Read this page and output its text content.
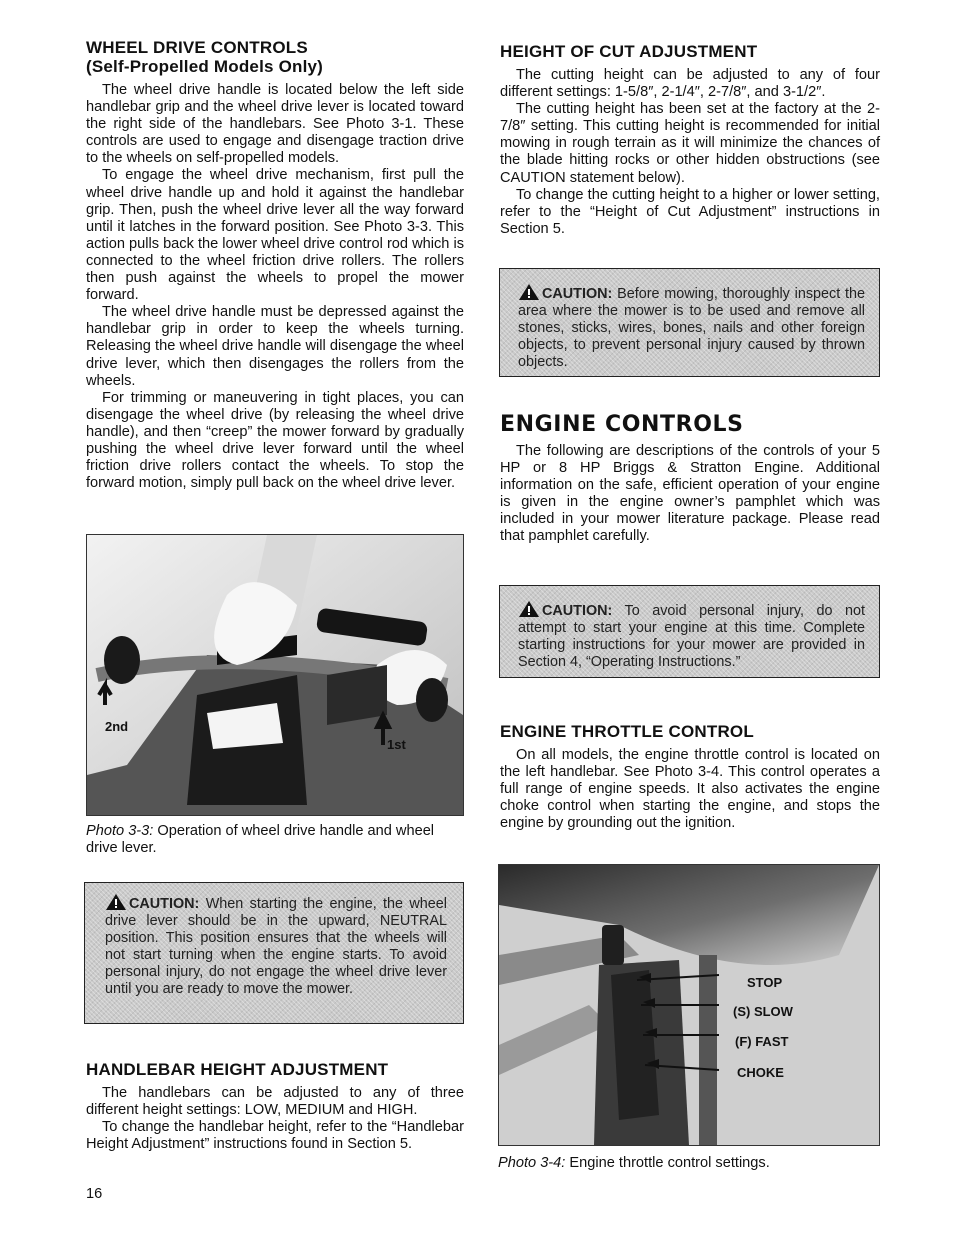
WHEEL DRIVE CONTROLS
(Self-Propelled Models Only)

The wheel drive handle is located below the left side handlebar grip and the wheel drive lever is located toward the right side of the handlebars. See Photo 3-1. These controls are used to engage and disengage traction drive to the wheels on self-propelled models.

To engage the wheel drive mechanism, first pull the wheel drive handle up and hold it against the handlebar grip. Then, push the wheel drive lever all the way forward until it latches in the forward position. See Photo 3-3. This action pulls back the lower wheel drive control rod which is connected to the wheel friction drive rollers. The rollers then push against the wheels to propel the mower forward.

The wheel drive handle must be depressed against the handlebar grip in order to keep the wheels turning. Releasing the wheel drive handle will disengage the wheel drive lever, which then disengages the rollers from the wheels.

For trimming or maneuvering in tight places, you can disengage the wheel drive (by releasing the wheel drive handle), and then “creep” the mower forward by gradually pushing the wheel drive lever forward until the wheel friction drive rollers contact the wheels. To stop the forward motion, simply pull back on the wheel drive lever.

2nd
1st
Photo 3-3: Operation of wheel drive handle and wheel drive lever.
CAUTION: When starting the engine, the wheel drive lever should be in the upward, NEUTRAL position. This position ensures that the wheels will not start turning when the engine starts. To avoid personal injury, do not engage the wheel drive lever until you are ready to move the mower.
HANDLEBAR HEIGHT ADJUSTMENT

The handlebars can be adjusted to any of three different height settings: LOW, MEDIUM and HIGH.

To change the handlebar height, refer to the “Handlebar Height Adjustment” instructions found in Section 5.

16
HEIGHT OF CUT ADJUSTMENT

The cutting height can be adjusted to any of four different settings: 1-5/8″, 2-1/4″, 2-7/8″, and 3-1/2″.

The cutting height has been set at the factory at the 2-7/8″ setting. This cutting height is recommended for initial mowing in rough terrain as it will minimize the chances of the blade hitting rocks or other hidden obstructions (see CAUTION statement below).

To change the cutting height to a higher or lower setting, refer to the “Height of Cut Adjustment” instructions in Section 5.

CAUTION: Before mowing, thoroughly inspect the area where the mower is to be used and remove all stones, sticks, wires, bones, nails and other foreign objects, to prevent personal injury caused by thrown objects.
ENGINE CONTROLS

The following are descriptions of the controls of your 5 HP or 8 HP Briggs & Stratton Engine. Additional information on the safe, efficient operation of your engine is given in the engine owner’s pamphlet which was included in your mower literature package. Please read that pamphlet carefully.

CAUTION: To avoid personal injury, do not attempt to start your engine at this time. Complete starting instructions for your mower are provided in Section 4, “Operating Instructions.”
ENGINE THROTTLE CONTROL

On all models, the engine throttle control is located on the left handlebar. See Photo 3-4. This control operates a full range of engine speeds. It also activates the engine choke control when starting the engine, and stops the engine by grounding out the ignition.

STOP
(S) SLOW
(F) FAST
CHOKE
Photo 3-4: Engine throttle control settings.
